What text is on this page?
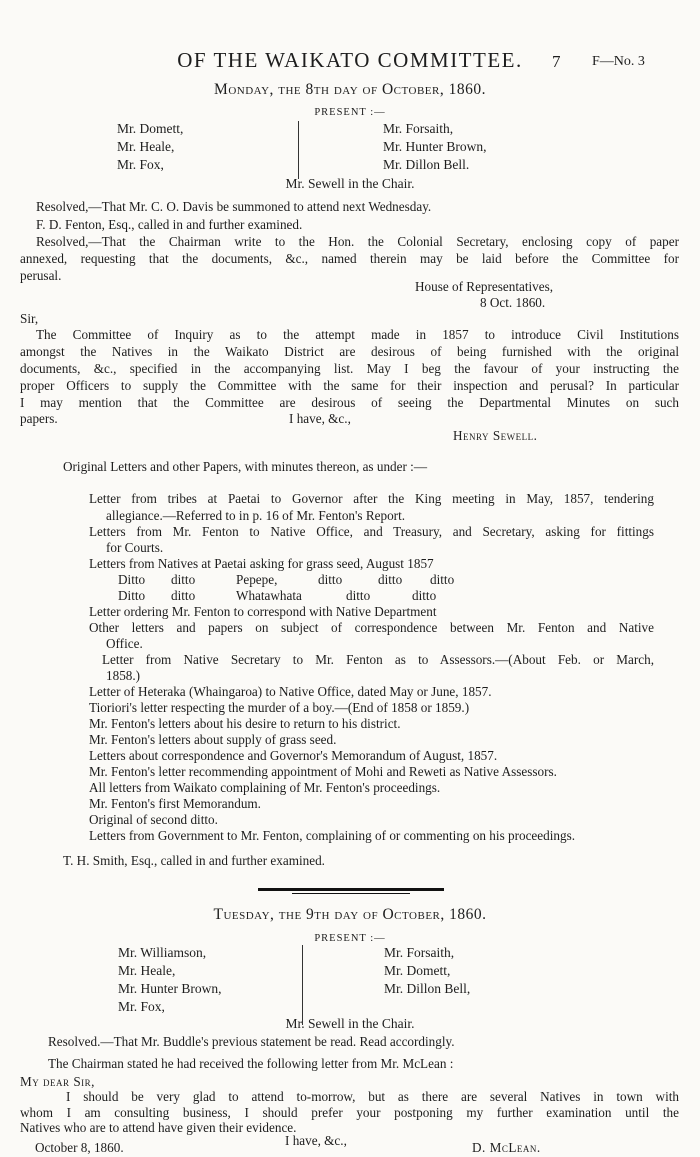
OF THE WAIKATO COMMITTEE.	7 F—No. 3
Monday, the 8th day of October, 1860.
PRESENT :—
Mr. Domett,
Mr. Heale,
Mr. Fox,
Mr. Forsaith,
Mr. Hunter Brown,
Mr. Dillon Bell.
Mr. Sewell in the Chair.
Resolved,—That Mr. C. O. Davis be summoned to attend next Wednesday.
F. D. Fenton, Esq., called in and further examined.
Resolved,—That the Chairman write to the Hon. the Colonial Secretary, enclosing copy of paper
annexed, requesting that the documents, &c., named therein may be laid before the Committee for
perusal.
House of Representatives,
8 Oct. 1860.
Sir,
The Committee of Inquiry as to the attempt made in 1857 to introduce Civil Institutions
amongst the Natives in the Waikato District are desirous of being furnished with the original
documents, &c., specified in the accompanying list. May I beg the favour of your instructing the
proper Officers to supply the Committee with the same for their inspection and perusal? In particular
I may mention that the Committee are desirous of seeing the Departmental Minutes on such
papers.	I have, &c.,
Henry Sewell.
Original Letters and other Papers, with minutes thereon, as under :—
Letter from tribes at Paetai to Governor after the King meeting in May, 1857, tendering
allegiance.—Referred to in p. 16 of Mr. Fenton's Report.
Letters from Mr. Fenton to Native Office, and Treasury, and Secretary, asking for fittings
for Courts.
Letters from Natives at Paetai asking for grass seed, August 1857
Ditto ditto	Pepepe,	ditto	ditto ditto
Ditto ditto	Whatawhata	ditto	ditto
Letter ordering Mr. Fenton to correspond with Native Department
Other letters and papers on subject of correspondence between Mr. Fenton and Native
Office.
Letter from Native Secretary to Mr. Fenton as to Assessors.—(About Feb. or March,
1858.)
Letter of Heteraka (Whaingaroa) to Native Office, dated May or June, 1857.
Tioriori's letter respecting the murder of a boy.—(End of 1858 or 1859.)
Mr. Fenton's letters about his desire to return to his district.
Mr. Fenton's letters about supply of grass seed.
Letters about correspondence and Governor's Memorandum of August, 1857.
Mr. Fenton's letter recommending appointment of Mohi and Reweti as Native Assessors.
All letters from Waikato complaining of Mr. Fenton's proceedings.
Mr. Fenton's first Memorandum.
Original of second ditto.
Letters from Government to Mr. Fenton, complaining of or commenting on his proceedings.
T. H. Smith, Esq., called in and further examined.
Tuesday, the 9th day of October, 1860.
PRESENT :—
Mr. Williamson,
Mr. Heale,
Mr. Hunter Brown,
Mr. Fox,
Mr. Forsaith,
Mr. Domett,
Mr. Dillon Bell,
Mr. Sewell in the Chair.
Resolved.—That Mr. Buddle's previous statement be read. Read accordingly.
The Chairman stated he had received the following letter from Mr. McLean :
My dear Sir,
I should be very glad to attend to-morrow, but as there are several Natives in town with
whom I am consulting business, I should prefer your postponing my further examination until the
Natives who are to attend have given their evidence.
I have, &c.,
October 8, 1860.	D. McLean.
